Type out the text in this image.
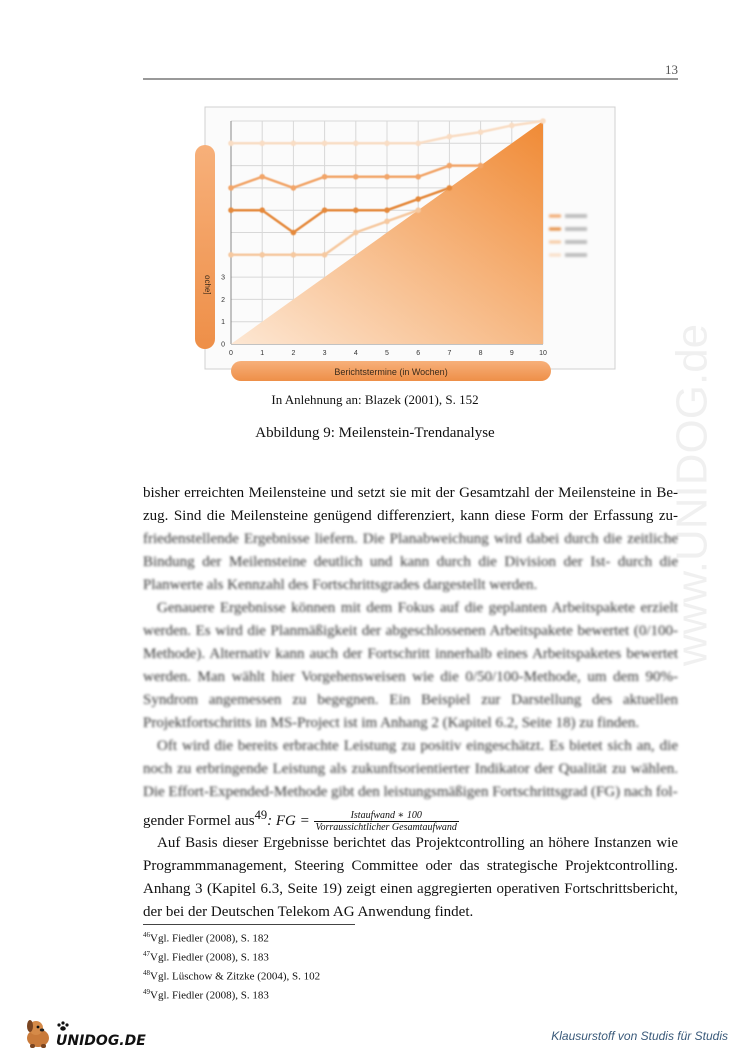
13
0	1	2	3	4	5	6	7	8	9	10
0
1
2
3
oche]
Berichtstermine (in Wochen)
In Anlehnung an: Blazek (2001), S. 152
Abbildung 9: Meilenstein-Trendanalyse

bisher erreichten Meilensteine und setzt sie mit der Gesamtzahl der Meilensteine in Be- zug. Sind die Meilensteine genügend differenziert, kann diese Form der Erfassung zu- friedenstellende Ergebnisse liefern. Die Planabweichung wird dabei durch die zeitliche Bindung der Meilensteine deutlich und kann durch die Division der Ist- durch die Planwerte als Kennzahl des Fortschrittsgrades dargestellt werden.

Genauere Ergebnisse können mit dem Fokus auf die geplanten Arbeitspakete erzielt werden. Es wird die Planmäßigkeit der abgeschlossenen Arbeitspakete bewertet (0/100-Methode). Alternativ kann auch der Fortschritt innerhalb eines Arbeitspaketes bewertet werden. Man wählt hier Vorgehensweisen wie die 0/50/100-Methode, um dem 90%-Syndrom angemessen zu begegnen. Ein Beispiel zur Darstellung des aktuellen Projektfortschritts in MS-Project ist im Anhang 2 (Kapitel 6.2, Seite 18) zu finden.

Oft wird die bereits erbrachte Leistung zu positiv eingeschätzt. Es bietet sich an, die noch zu erbringende Leistung als zukunftsorientierter Indikator der Qualität zu wählen. Die Effort-Expended-Methode gibt den leistungsmäßigen Fortschrittsgrad (FG) nach fol-

gender Formel aus$^{49}$: FG = $\frac{\text{Istaufwand ∗ 100}}{\text{Vorraussichtlicher Gesamtaufwand}}$

Auf Basis dieser Ergebnisse berichtet das Projektcontrolling an höhere Instanzen wie Programmmanagement, Steering Committee oder das strategische Projektcontrolling. Anhang 3 (Kapitel 6.3, Seite 19) zeigt einen aggregierten operativen Fortschrittsbericht, der bei der Deutschen Telekom AG Anwendung findet.

$^{46}$Vgl. Fiedler (2008), S. 182
$^{47}$Vgl. Fiedler (2008), S. 183
$^{48}$Vgl. Lüschow & Zitzke (2004), S. 102
$^{49}$Vgl. Fiedler (2008), S. 183
www.UNIDOG.de
UNIDOG.DE	Klausurstoff von Studis für Studis
